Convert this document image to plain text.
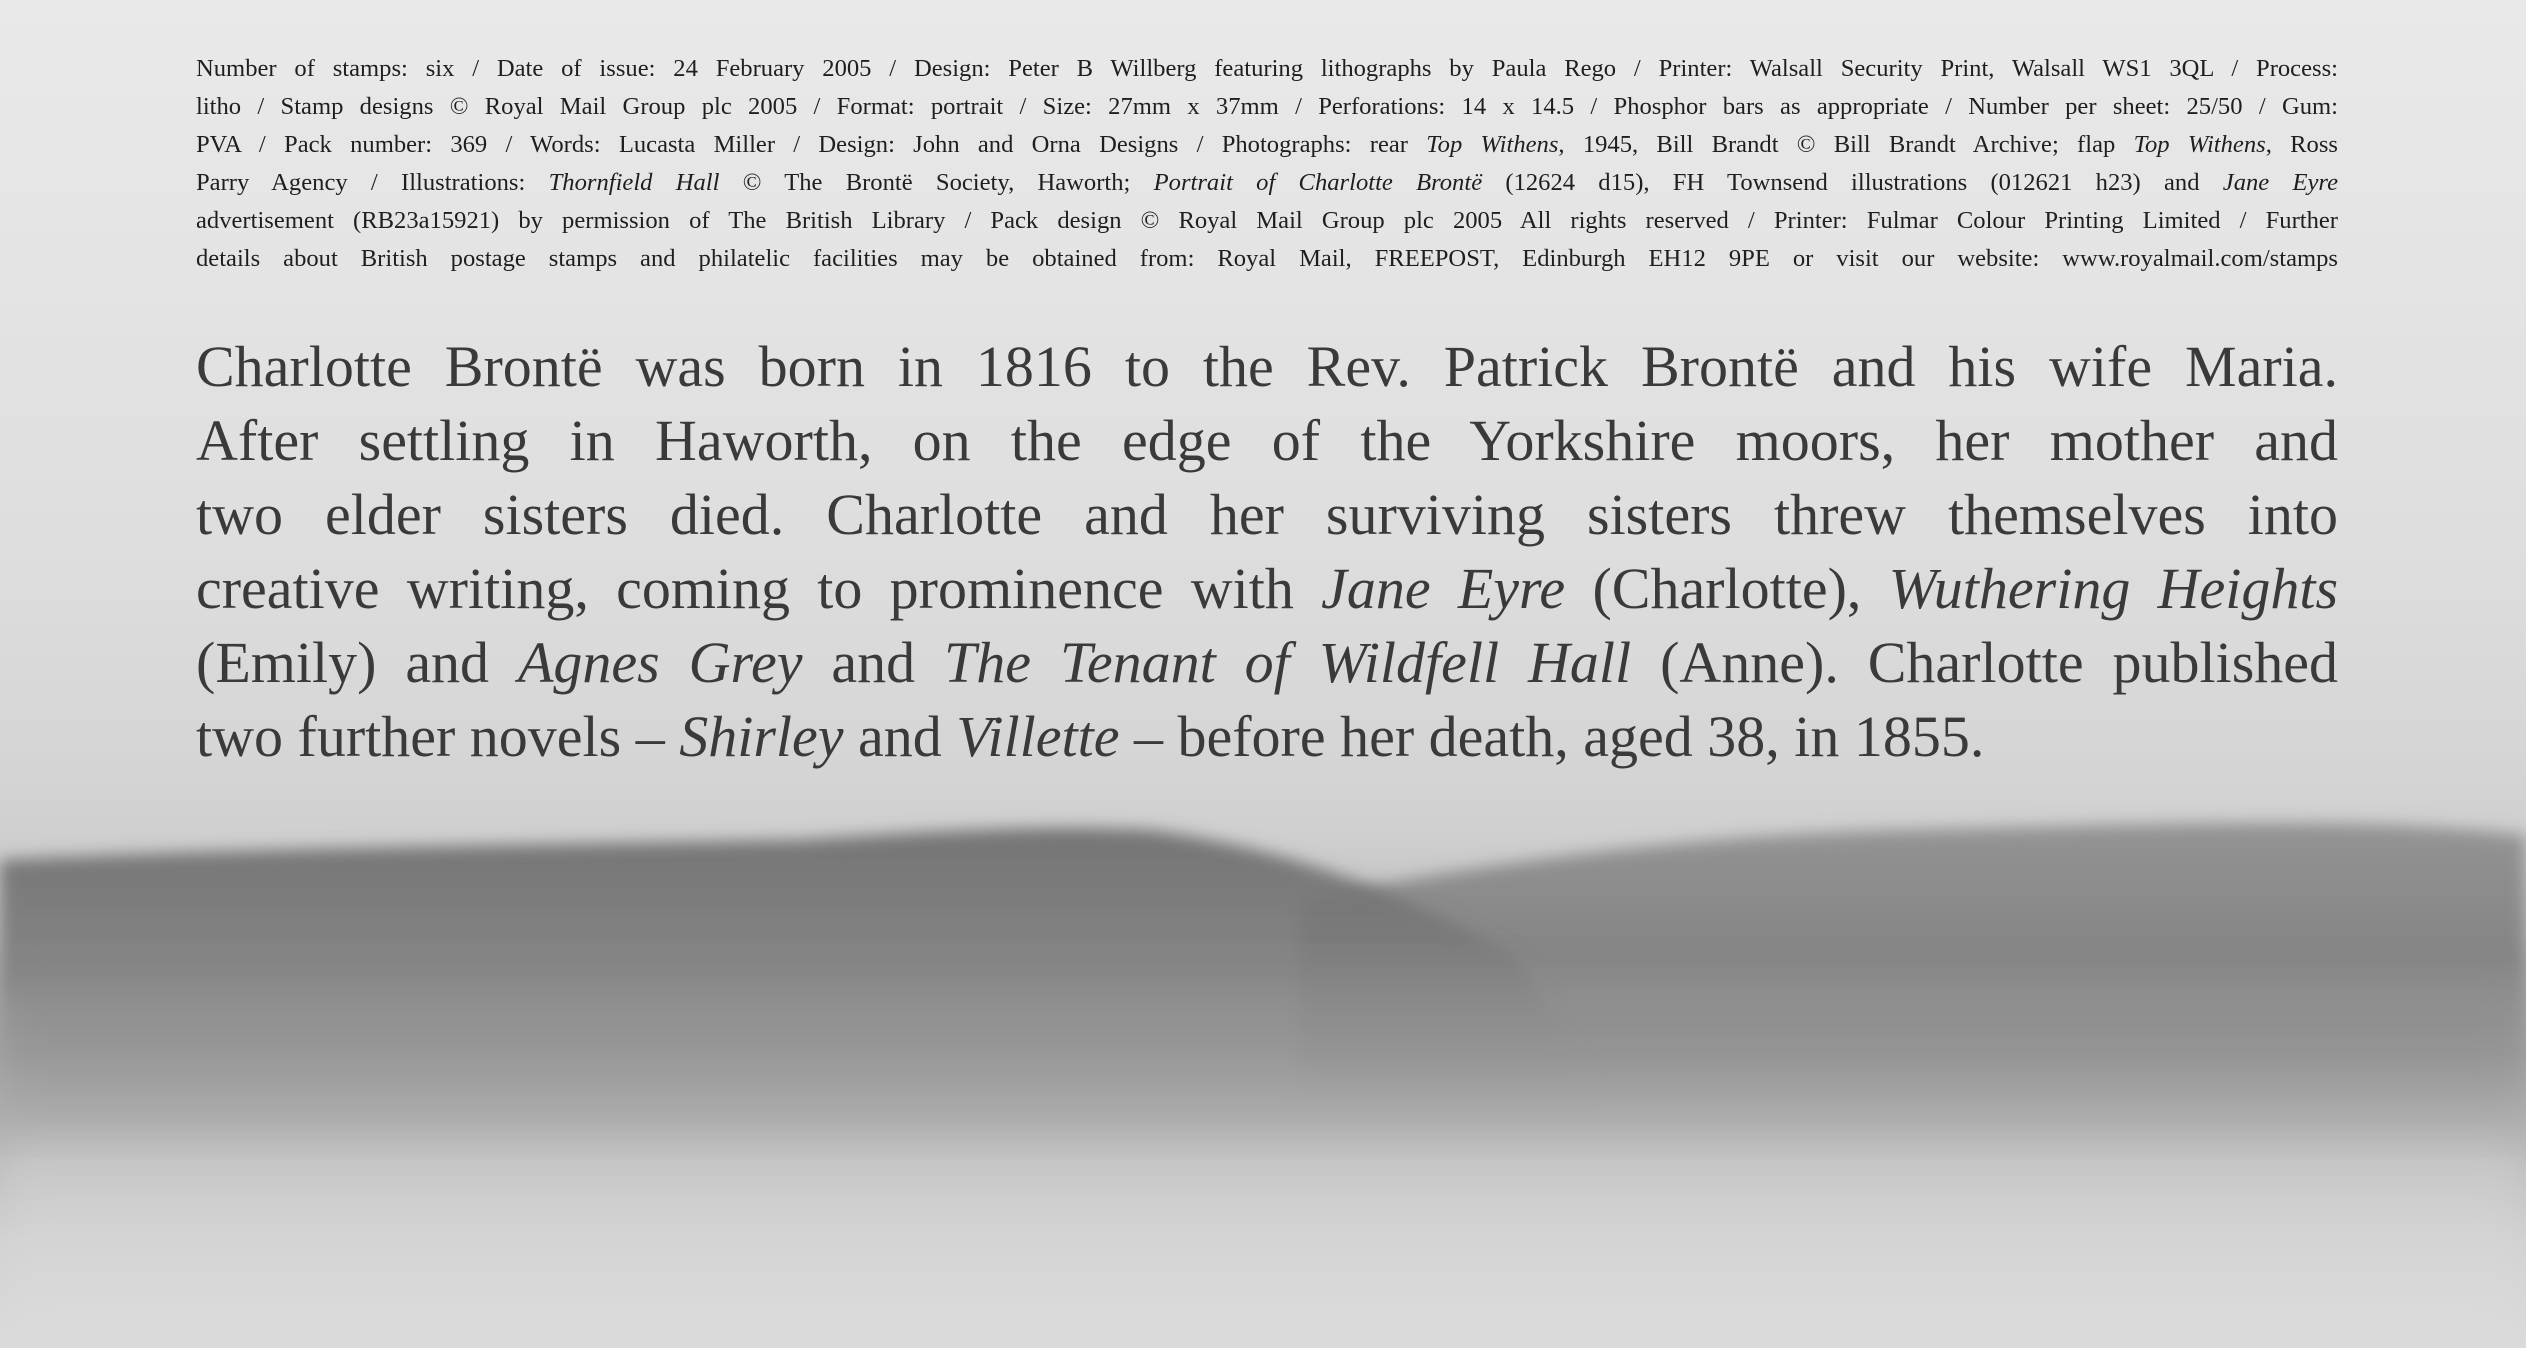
Number of stamps: six / Date of issue: 24 February 2005 / Design: Peter B Willberg featuring lithographs by Paula Rego / Printer: Walsall Security Print, Walsall WS1 3QL / Process:
litho / Stamp designs © Royal Mail Group plc 2005 / Format: portrait / Size: 27mm x 37mm / Perforations: 14 x 14.5 / Phosphor bars as appropriate / Number per sheet: 25/50 / Gum:
PVA / Pack number: 369 / Words: Lucasta Miller / Design: John and Orna Designs / Photographs: rear Top Withens, 1945, Bill Brandt © Bill Brandt Archive; flap Top Withens, Ross
Parry Agency / Illustrations: Thornfield Hall © The Brontë Society, Haworth; Portrait of Charlotte Brontë (12624 d15), FH Townsend illustrations (012621 h23) and Jane Eyre
advertisement (RB23a15921) by permission of The British Library / Pack design © Royal Mail Group plc 2005 All rights reserved / Printer: Fulmar Colour Printing Limited / Further
details about British postage stamps and philatelic facilities may be obtained from: Royal Mail, FREEPOST, Edinburgh EH12 9PE or visit our website: www.royalmail.com/stamps
Charlotte Brontë was born in 1816 to the Rev. Patrick Brontë and his wife Maria.
After settling in Haworth, on the edge of the Yorkshire moors, her mother and
two elder sisters died. Charlotte and her surviving sisters threw themselves into
creative writing, coming to prominence with Jane Eyre (Charlotte), Wuthering Heights
(Emily) and Agnes Grey and The Tenant of Wildfell Hall (Anne). Charlotte published
two further novels – Shirley and Villette – before her death, aged 38, in 1855.
